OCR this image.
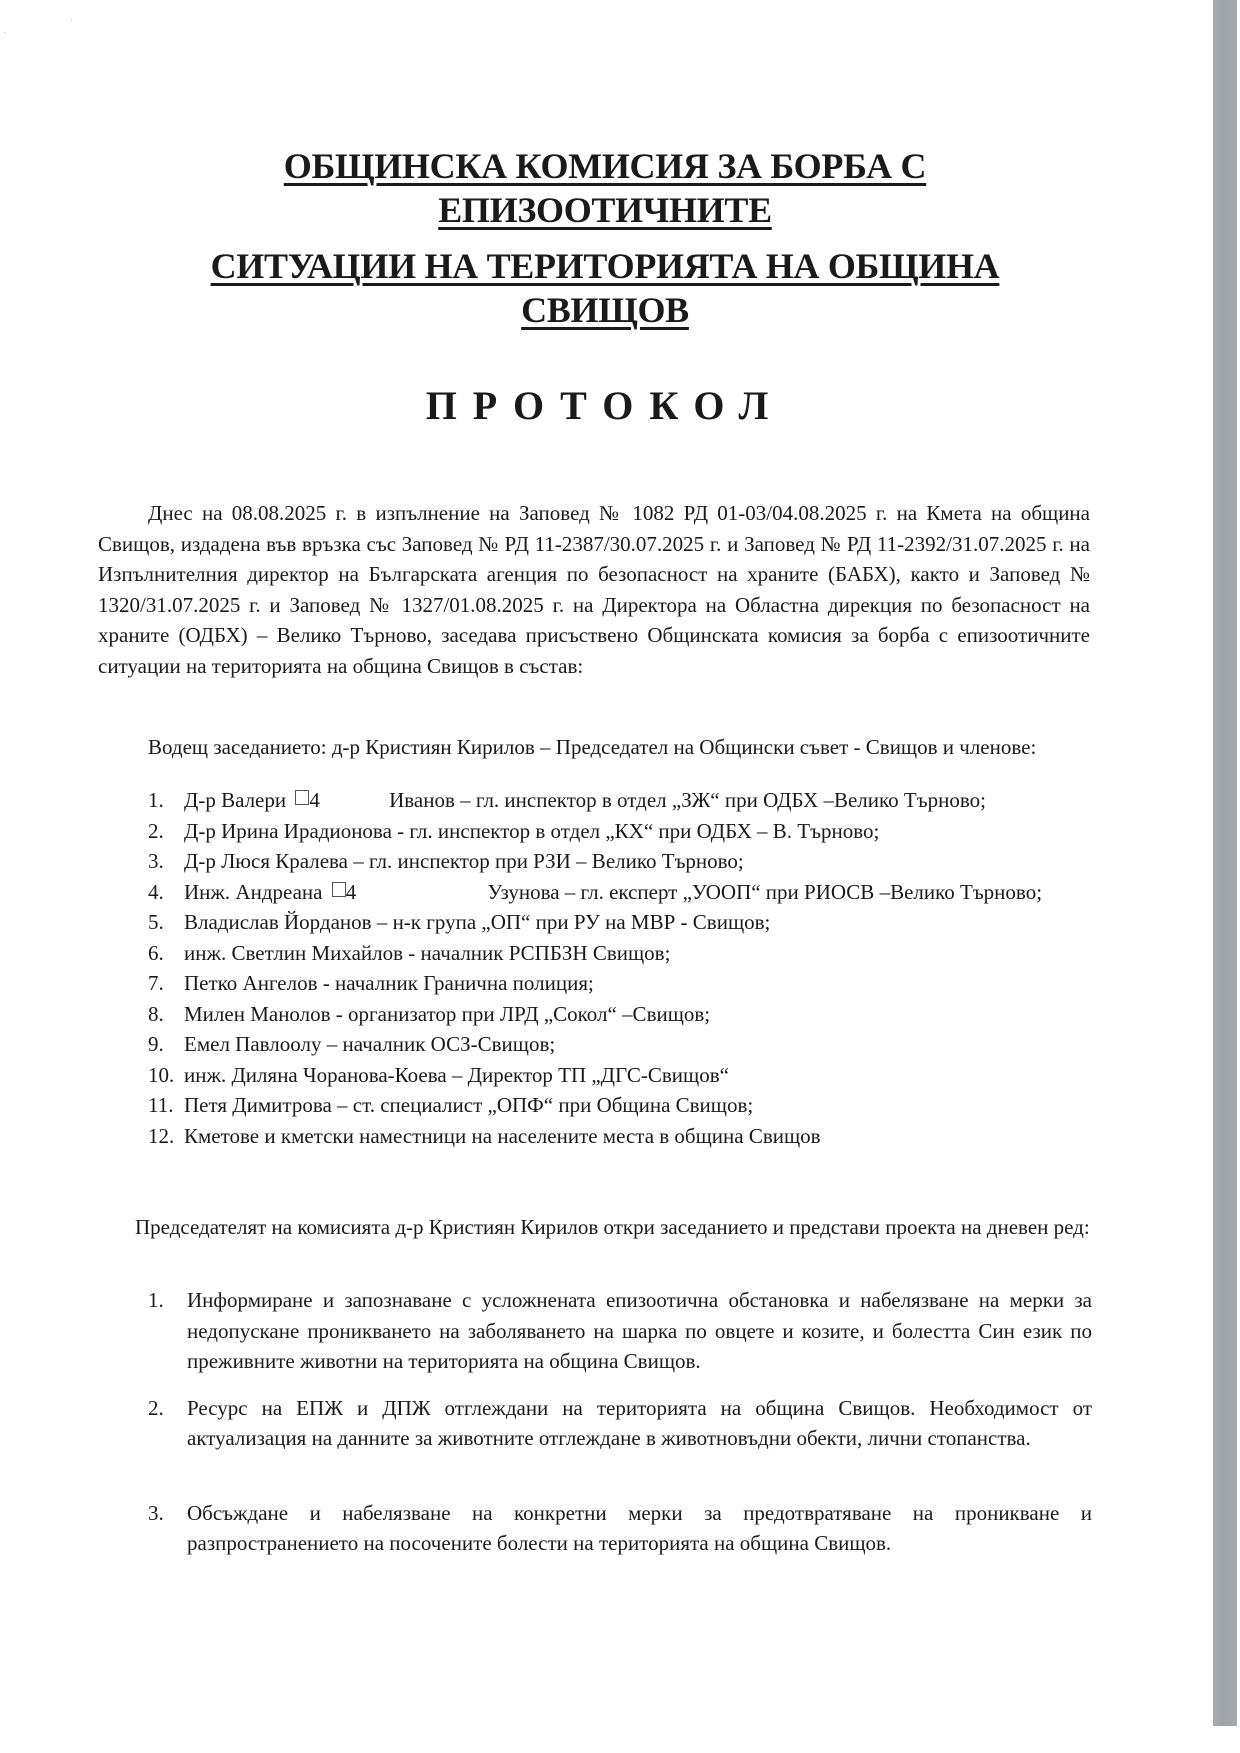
·
·
ОБЩИНСКА КОМИСИЯ ЗА БОРБА С
ЕПИЗООТИЧНИТЕ
СИТУАЦИИ НА ТЕРИТОРИЯТА НА ОБЩИНА
СВИЩОВ
ПРОТОКОЛ

Днес на 08.08.2025 г. в изпълнение на Заповед № 1082 РД 01-03/04.08.2025 г. на Кмета на община Свищов, издадена във връзка със Заповед № РД 11-2387/30.07.2025 г. и Заповед № РД 11-2392/31.07.2025 г. на Изпълнителния директор на Българската агенция по безопасност на храните (БАБХ), както и Заповед № 1320/31.07.2025 г. и Заповед № 1327/01.08.2025 г. на Директора на Областна дирекция по безопасност на храните (ОДБХ) – Велико Търново, заседава присъствено Общинската комисия за борба с епизоотичните ситуации на територията на община Свищов в състав:

Водещ заседанието: д-р Кристиян Кирилов – Председател на Общински съвет - Свищов и членове:

1. Д-р Валери 4	Иванов – гл. инспектор в отдел „ЗЖ“ при ОДБХ –Велико Търново;
2. Д-р Ирина Ирадионова - гл. инспектор в отдел „КХ“ при ОДБХ – В. Търново;
3. Д-р Люся Кралева – гл. инспектор при РЗИ – Велико Търново;
4. Инж. Андреана 4	Узунова – гл. експерт „УООП“ при РИОСВ –Велико Търново;
5. Владислав Йорданов – н-к група „ОП“ при РУ на МВР - Свищов;
6. инж. Светлин Михайлов - началник РСПБЗН Свищов;
7. Петко Ангелов - началник Гранична полиция;
8. Милен Манолов - организатор при ЛРД „Сокол“ –Свищов;
9. Емел Павлоолу – началник ОСЗ-Свищов;
10. инж. Диляна Чоранова-Коева – Директор ТП „ДГС-Свищов“
11. Петя Димитрова – ст. специалист „ОПФ“ при Община Свищов;
12. Кметове и кметски наместници на населените места в община Свищов

Председателят на комисията д-р Кристиян Кирилов откри заседанието и представи проекта на дневен ред:

1. Информиране и запознаване с усложнената епизоотична обстановка и набелязване на мерки за недопускане проникването на заболяването на шарка по овцете и козите, и болестта Син език по преживните животни на територията на община Свищов.
2. Ресурс на ЕПЖ и ДПЖ отглеждани на територията на община Свищов. Необходимост от актуализация на данните за животните отглеждане в животновъдни обекти, лични стопанства.
3. Обсъждане и набелязване на конкретни мерки за предотвратяване на проникване и разпространението на посочените болести на територията на община Свищов.
